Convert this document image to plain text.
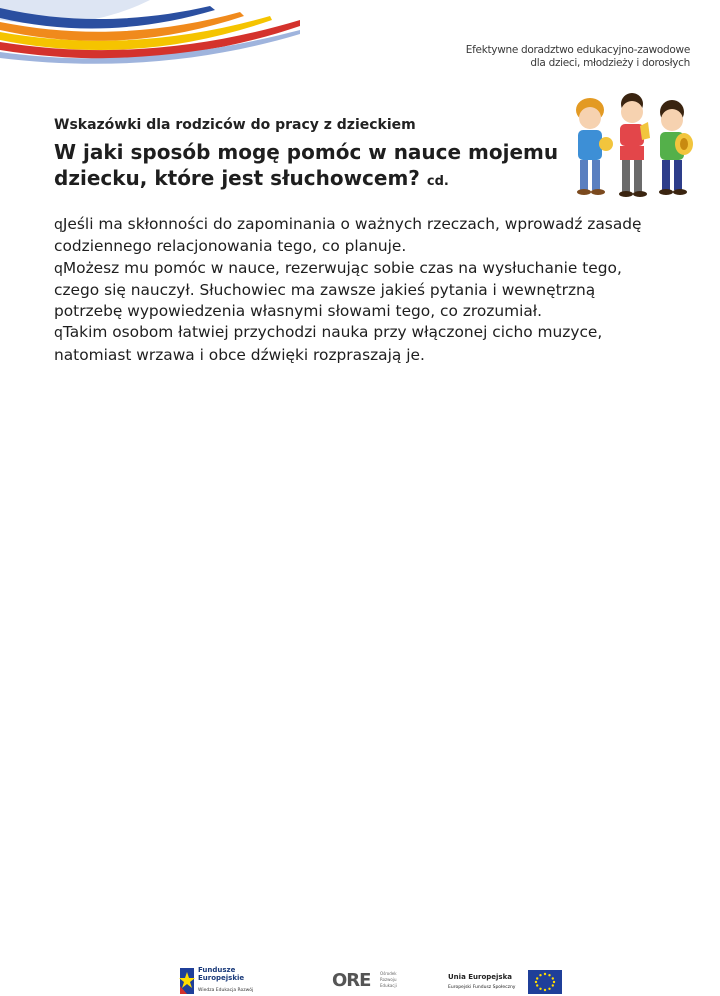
Efektywne doradztwo edukacyjno-zawodowe
dla dzieci, młodzieży i dorosłych
Wskazówki dla rodziców do pracy z dzieckiem
W jaki sposób mogę pomóc w nauce mojemu dziecku, które jest słuchowcem? cd.
qJeśli ma skłonności do zapominania o ważnych rzeczach, wprowadź zasadę codziennego relacjonowania tego, co planuje.
qMożesz mu pomóc w nauce, rezerwując sobie czas na wysłuchanie tego, czego się nauczył. Słuchowiec ma zawsze jakieś pytania i wewnętrzną potrzebę wypowiedzenia własnymi słowami tego, co zrozumiał.
qTakim osobom łatwiej przychodzi nauka przy włączonej cicho muzyce, natomiast wrzawa i obce dźwięki rozpraszają je.
Fundusze
Europejskie
Wiedza Edukacja Rozwój	ORE Ośrodek
Rozwoju
Edukacji
Unia Europejska
Europejski Fundusz Społeczny
